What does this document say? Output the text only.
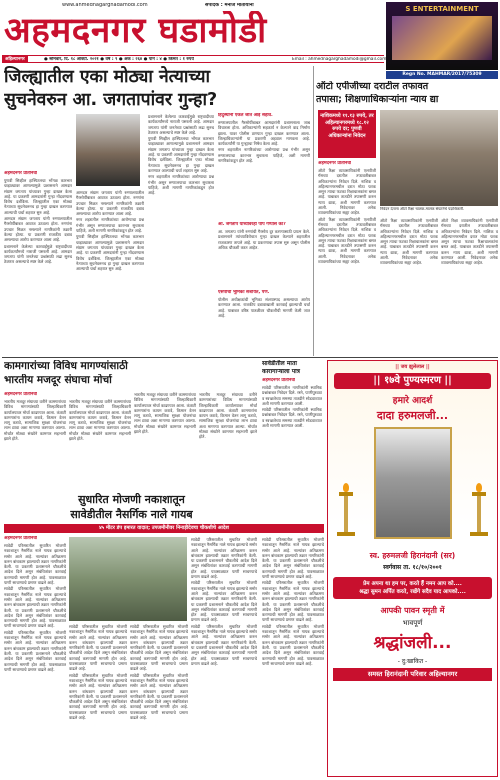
www.ahmednagarghadamodi.com	संपादक : मनोज मोतीयानी
अहमदनगर घडामोडी
S ENTERTAINMENT
अहिल्यानगर	● सोमवार, दि. १८ ऑक्टो. २०२१ ● वर्ष : ९ ● अंक : २६४ ● पाने : ४ ● किंमत : १ रुपये	Email : ahmednagarghadamodi@gmail.com
Regn No. MAHMAR/2017/75309
जिल्ह्यातील एका मोठ्या नेत्याच्या
सुचनेवरुन आ. जगतापांवर गुन्हा?
अहमदनगर प्रतिनिधी

पुणवी सिव्हील हास्पिटलचा भोंगळ कारभार चव्हाट्यावर आणल्यामुळे प्रशासनाने आमदार संग्राम जगताप यांच्यावर गुन्हा दाखल केला आहे. या प्रकरणी आमदारांनी गुन्हा नोंदवण्यास विरोध दर्शविला. जिल्ह्यातील एका मोठ्या नेत्याच्या सूचनेवरुनच हा गुन्हा दाखल करण्यात आल्याची चर्चा शहरात सुरु आहे.

आमदार संग्राम जगताप यांनी रुग्णालयातील गैरसोयींबाबत आवाज उठवला होता. रुग्णांना उपचार मिळत नसल्याने नागरिकांनी तक्रारी केल्या होत्या. या प्रकरणी राजकीय दबाव असल्याचा आरोप करण्यात आला आहे.

प्रशासनाने केलेल्या कारवाईमुळे राष्ट्रवादीच्या कार्यकर्त्यांमध्ये नाराजी पसरली आहे. आमदार जगताप यांनी जनतेच्या प्रश्नांसाठी लढा सुरुच ठेवणार असल्याचे स्पष्ट केले आहे.

आमदार संग्राम जगताप यांनी रुग्णालयातील गैरसोयींबाबत आवाज उठवला होता. रुग्णांना उपचार मिळत नसल्याने नागरिकांनी तक्रारी केल्या होत्या. या प्रकरणी राजकीय दबाव असल्याचा आरोप करण्यात आला आहे.

नगर शहरातील नागरिकांच्या आरोग्याचा प्रश्न गंभीर असून रुग्णालयाचा कारभार सुधारला पाहिजे, अशी मागणी नागरिकांकडून होत आहे.

पुणवी सिव्हील हास्पिटलचा भोंगळ कारभार चव्हाट्यावर आणल्यामुळे प्रशासनाने आमदार संग्राम जगताप यांच्यावर गुन्हा दाखल केला आहे. या प्रकरणी आमदारांनी गुन्हा नोंदवण्यास विरोध दर्शविला. जिल्ह्यातील एका मोठ्या नेत्याच्या सूचनेवरुनच हा गुन्हा दाखल करण्यात आल्याची चर्चा शहरात सुरु आहे.

प्रशासनाने केलेल्या कारवाईमुळे राष्ट्रवादीच्या कार्यकर्त्यांमध्ये नाराजी पसरली आहे. आमदार जगताप यांनी जनतेच्या प्रश्नांसाठी लढा सुरुच ठेवणार असल्याचे स्पष्ट केले आहे.

पुणवी सिव्हील हास्पिटलचा भोंगळ कारभार चव्हाट्यावर आणल्यामुळे प्रशासनाने आमदार संग्राम जगताप यांच्यावर गुन्हा दाखल केला आहे. या प्रकरणी आमदारांनी गुन्हा नोंदवण्यास विरोध दर्शविला. जिल्ह्यातील एका मोठ्या नेत्याच्या सूचनेवरुनच हा गुन्हा दाखल करण्यात आल्याची चर्चा शहरात सुरु आहे.

नगर शहरातील नागरिकांच्या आरोग्याचा प्रश्न गंभीर असून रुग्णालयाचा कारभार सुधारला पाहिजे, अशी मागणी नागरिकांकडून होत आहे.

हिंदुस्थानी एकते जात आई सहाव.

रुग्णालयातील गैरसोयींबाबत आमदारांनी प्रशासनाला जाब विचारला होता. अधिकाऱ्यांनी सहकार्य न केल्याने वाद निर्माण झाला. यावर पोलीस ठाण्यात गुन्हा दाखल करण्यात आला. जिल्हाधिकाऱ्यांनी या प्रकरणी अहवाल मागवला आहे. कार्यकर्त्यांनी या गुन्ह्याचा निषेध केला आहे.

नगर शहरातील नागरिकांच्या आरोग्याचा प्रश्न गंभीर असून रुग्णालयाचा कारभार सुधारला पाहिजे, अशी मागणी नागरिकांकडून होत आहे.

आ. जगताप यांच्यावरही पोप गप्पास का?

आ. जगताप यांनी रुग्णांची गैरसोय दूर करण्यासाठी प्रयत्न केले. प्रशासनाने त्यांच्याविरोधात गुन्हा दाखल केल्याने शहरातील राजकारण तापले आहे. या प्रकरणाचा तपास सुरु असून पोलीस अधिक चौकशी करत आहेत.

एसपींची भूमिका संशयित, पण.

पोलीस अधीक्षकांची भूमिका संशयास्पद असल्याचा आरोप करण्यात आला. राजकीय दबावाखाली कारवाई झाल्याची चर्चा आहे. याबाबत वरिष्ठ पातळीवर चौकशीची मागणी केली जात आहे.

ऑटो एपीजीच्या दराटील तफावत
तपासा; शिक्षणाधिकाऱ्यांना न्याय द्या
नाशिकमध्ये ११.१३ रुपये, तर अहिल्यानगरमध्ये १८.१२ रुपये दर; पुणवी अधिकाऱ्यांना निवेदन
निवेदन देताना ऑटो रिक्षा चालक-मालक संघटनेचे पदाधिकारी.
अहमदनगर प्रतिनिधी

ऑटो रिक्षा व्यावसायिकांनी एलपीजी गॅसच्या दरातील तफावतीबाबत अधिकाऱ्यांना निवेदन दिले. नाशिक व अहिल्यानगरमधील दरात मोठा फरक असून त्याचा फटका रिक्षाचालकांना बसत आहे. याबाबत तातडीने तपासणी करुन न्याय द्यावा, अशी मागणी करण्यात आली. निवेदनावर अनेक व्यावसायिकांच्या सह्या आहेत.

ऑटो रिक्षा व्यावसायिकांनी एलपीजी गॅसच्या दरातील तफावतीबाबत अधिकाऱ्यांना निवेदन दिले. नाशिक व अहिल्यानगरमधील दरात मोठा फरक असून त्याचा फटका रिक्षाचालकांना बसत आहे. याबाबत तातडीने तपासणी करुन न्याय द्यावा, अशी मागणी करण्यात आली. निवेदनावर अनेक व्यावसायिकांच्या सह्या आहेत.

ऑटो रिक्षा व्यावसायिकांनी एलपीजी गॅसच्या दरातील तफावतीबाबत अधिकाऱ्यांना निवेदन दिले. नाशिक व अहिल्यानगरमधील दरात मोठा फरक असून त्याचा फटका रिक्षाचालकांना बसत आहे. याबाबत तातडीने तपासणी करुन न्याय द्यावा, अशी मागणी करण्यात आली. निवेदनावर अनेक व्यावसायिकांच्या सह्या आहेत.

ऑटो रिक्षा व्यावसायिकांनी एलपीजी गॅसच्या दरातील तफावतीबाबत अधिकाऱ्यांना निवेदन दिले. नाशिक व अहिल्यानगरमधील दरात मोठा फरक असून त्याचा फटका रिक्षाचालकांना बसत आहे. याबाबत तातडीने तपासणी करुन न्याय द्यावा, अशी मागणी करण्यात आली. निवेदनावर अनेक व्यावसायिकांच्या सह्या आहेत.

कामगारांच्या विविध मागण्यांसाठी
भारतीय मजदूर संघाचा मोर्चा
अहमदनगर प्रतिनिधी

भारतीय मजदूर संघाच्या वतीने कामगारांच्या विविध मागण्यांसाठी जिल्हाधिकारी कार्यालयावर मोर्चा काढण्यात आला. कंत्राटी कामगारांना कायम करावे, किमान वेतन लागू करावे, सामाजिक सुरक्षा योजनांचा लाभ द्यावा अशा मागण्या करण्यात आल्या. मोर्चात मोठ्या संख्येने कामगार सहभागी झाले होते.

भारतीय मजदूर संघाच्या वतीने कामगारांच्या विविध मागण्यांसाठी जिल्हाधिकारी कार्यालयावर मोर्चा काढण्यात आला. कंत्राटी कामगारांना कायम करावे, किमान वेतन लागू करावे, सामाजिक सुरक्षा योजनांचा लाभ द्यावा अशा मागण्या करण्यात आल्या. मोर्चात मोठ्या संख्येने कामगार सहभागी झाले होते.

भारतीय मजदूर संघाच्या वतीने कामगारांच्या विविध मागण्यांसाठी जिल्हाधिकारी कार्यालयावर मोर्चा काढण्यात आला. कंत्राटी कामगारांना कायम करावे, किमान वेतन लागू करावे, सामाजिक सुरक्षा योजनांचा लाभ द्यावा अशा मागण्या करण्यात आल्या. मोर्चात मोठ्या संख्येने कामगार सहभागी झाले होते.

भारतीय मजदूर संघाच्या वतीने कामगारांच्या विविध मागण्यांसाठी जिल्हाधिकारी कार्यालयावर मोर्चा काढण्यात आला. कंत्राटी कामगारांना कायम करावे, किमान वेतन लागू करावे, सामाजिक सुरक्षा योजनांचा लाभ द्यावा अशा मागण्या करण्यात आल्या. मोर्चात मोठ्या संख्येने कामगार सहभागी झाले होते.

सावेडीतील माता
कारागाऱ्याला पात्र
अहमदनगर प्रतिनिधी

सावेडी परिसरातील नागरिकांनी स्थानिक प्रश्नांबाबत निवेदन दिले. रस्ते, पाणीपुरवठा व स्वच्छतेच्या समस्या तातडीने सोडवाव्यात अशी मागणी करण्यात आली.

सावेडी परिसरातील नागरिकांनी स्थानिक प्रश्नांबाबत निवेदन दिले. रस्ते, पाणीपुरवठा व स्वच्छतेच्या समस्या तातडीने सोडवाव्यात अशी मागणी करण्यात आली.

सुधारित मोजणी नकाशातून
सावेडीतील नैसर्गिक नाले गायब
४५ मीटर डंप इमारत वादात; उपजमीनीवर निनाड़ीदेवचा चौकशीचे आदेश
अहमदनगर प्रतिनिधी

सावेडी परिसरातील सुधारित मोजणी नकाशातून नैसर्गिक नाले गायब झाल्याचे समोर आले आहे. नाल्यांवर अतिक्रमण करुन बांधकाम झाल्याची तक्रार नागरिकांनी केली. या प्रकरणी प्रशासनाने चौकशीचे आदेश दिले असून संबंधितांवर कारवाई करण्याची मागणी होत आहे. पावसाळ्यात पाणी साचण्याचे प्रमाण वाढले आहे.

सावेडी परिसरातील सुधारित मोजणी नकाशातून नैसर्गिक नाले गायब झाल्याचे समोर आले आहे. नाल्यांवर अतिक्रमण करुन बांधकाम झाल्याची तक्रार नागरिकांनी केली. या प्रकरणी प्रशासनाने चौकशीचे आदेश दिले असून संबंधितांवर कारवाई करण्याची मागणी होत आहे. पावसाळ्यात पाणी साचण्याचे प्रमाण वाढले आहे.

सावेडी परिसरातील सुधारित मोजणी नकाशातून नैसर्गिक नाले गायब झाल्याचे समोर आले आहे. नाल्यांवर अतिक्रमण करुन बांधकाम झाल्याची तक्रार नागरिकांनी केली. या प्रकरणी प्रशासनाने चौकशीचे आदेश दिले असून संबंधितांवर कारवाई करण्याची मागणी होत आहे. पावसाळ्यात पाणी साचण्याचे प्रमाण वाढले आहे.

सावेडी परिसरातील सुधारित मोजणी नकाशातून नैसर्गिक नाले गायब झाल्याचे समोर आले आहे. नाल्यांवर अतिक्रमण करुन बांधकाम झाल्याची तक्रार नागरिकांनी केली. या प्रकरणी प्रशासनाने चौकशीचे आदेश दिले असून संबंधितांवर कारवाई करण्याची मागणी होत आहे. पावसाळ्यात पाणी साचण्याचे प्रमाण वाढले आहे.

सावेडी परिसरातील सुधारित मोजणी नकाशातून नैसर्गिक नाले गायब झाल्याचे समोर आले आहे. नाल्यांवर अतिक्रमण करुन बांधकाम झाल्याची तक्रार नागरिकांनी केली. या प्रकरणी प्रशासनाने चौकशीचे आदेश दिले असून संबंधितांवर कारवाई करण्याची मागणी होत आहे. पावसाळ्यात पाणी साचण्याचे प्रमाण वाढले आहे.

सावेडी परिसरातील सुधारित मोजणी नकाशातून नैसर्गिक नाले गायब झाल्याचे समोर आले आहे. नाल्यांवर अतिक्रमण करुन बांधकाम झाल्याची तक्रार नागरिकांनी केली. या प्रकरणी प्रशासनाने चौकशीचे आदेश दिले असून संबंधितांवर कारवाई करण्याची मागणी होत आहे. पावसाळ्यात पाणी साचण्याचे प्रमाण वाढले आहे.

सावेडी परिसरातील सुधारित मोजणी नकाशातून नैसर्गिक नाले गायब झाल्याचे समोर आले आहे. नाल्यांवर अतिक्रमण करुन बांधकाम झाल्याची तक्रार नागरिकांनी केली. या प्रकरणी प्रशासनाने चौकशीचे आदेश दिले असून संबंधितांवर कारवाई करण्याची मागणी होत आहे. पावसाळ्यात पाणी साचण्याचे प्रमाण वाढले आहे.

सावेडी परिसरातील सुधारित मोजणी नकाशातून नैसर्गिक नाले गायब झाल्याचे समोर आले आहे. नाल्यांवर अतिक्रमण करुन बांधकाम झाल्याची तक्रार नागरिकांनी केली. या प्रकरणी प्रशासनाने चौकशीचे आदेश दिले असून संबंधितांवर कारवाई करण्याची मागणी होत आहे. पावसाळ्यात पाणी साचण्याचे प्रमाण वाढले आहे.

सावेडी परिसरातील सुधारित मोजणी नकाशातून नैसर्गिक नाले गायब झाल्याचे समोर आले आहे. नाल्यांवर अतिक्रमण करुन बांधकाम झाल्याची तक्रार नागरिकांनी केली. या प्रकरणी प्रशासनाने चौकशीचे आदेश दिले असून संबंधितांवर कारवाई करण्याची मागणी होत आहे. पावसाळ्यात पाणी साचण्याचे प्रमाण वाढले आहे.

सावेडी परिसरातील सुधारित मोजणी नकाशातून नैसर्गिक नाले गायब झाल्याचे समोर आले आहे. नाल्यांवर अतिक्रमण करुन बांधकाम झाल्याची तक्रार नागरिकांनी केली. या प्रकरणी प्रशासनाने चौकशीचे आदेश दिले असून संबंधितांवर कारवाई करण्याची मागणी होत आहे. पावसाळ्यात पाणी साचण्याचे प्रमाण वाढले आहे.

सावेडी परिसरातील सुधारित मोजणी नकाशातून नैसर्गिक नाले गायब झाल्याचे समोर आले आहे. नाल्यांवर अतिक्रमण करुन बांधकाम झाल्याची तक्रार नागरिकांनी केली. या प्रकरणी प्रशासनाने चौकशीचे आदेश दिले असून संबंधितांवर कारवाई करण्याची मागणी होत आहे. पावसाळ्यात पाणी साचण्याचे प्रमाण वाढले आहे.

सावेडी परिसरातील सुधारित मोजणी नकाशातून नैसर्गिक नाले गायब झाल्याचे समोर आले आहे. नाल्यांवर अतिक्रमण करुन बांधकाम झाल्याची तक्रार नागरिकांनी केली. या प्रकरणी प्रशासनाने चौकशीचे आदेश दिले असून संबंधितांवर कारवाई करण्याची मागणी होत आहे. पावसाळ्यात पाणी साचण्याचे प्रमाण वाढले आहे.

सावेडी परिसरातील सुधारित मोजणी नकाशातून नैसर्गिक नाले गायब झाल्याचे समोर आले आहे. नाल्यांवर अतिक्रमण करुन बांधकाम झाल्याची तक्रार नागरिकांनी केली. या प्रकरणी प्रशासनाने चौकशीचे आदेश दिले असून संबंधितांवर कारवाई करण्याची मागणी होत आहे. पावसाळ्यात पाणी साचण्याचे प्रमाण वाढले आहे.

|| जय झुलेलाल ||
|| १७वे पुण्यस्मरण ||
हमारे आदर्श
दादा हरुमलजी...
स्व. हरुमलजी हिरानंदानी (सर)
स्वर्गवास ता. १८/१०/२००१
प्रेम अपना था हम पर, करते हैं नमन आप को....
श्रद्धा सुमन अर्पित करते, रखेंगे सदैव याद आपको....
आपकी पावन स्मृती में
भावपूर्ण
श्रद्धांजली...
- दु:खाकित -
समस्त हिरानंदानी परिवार अहिल्यानगर
